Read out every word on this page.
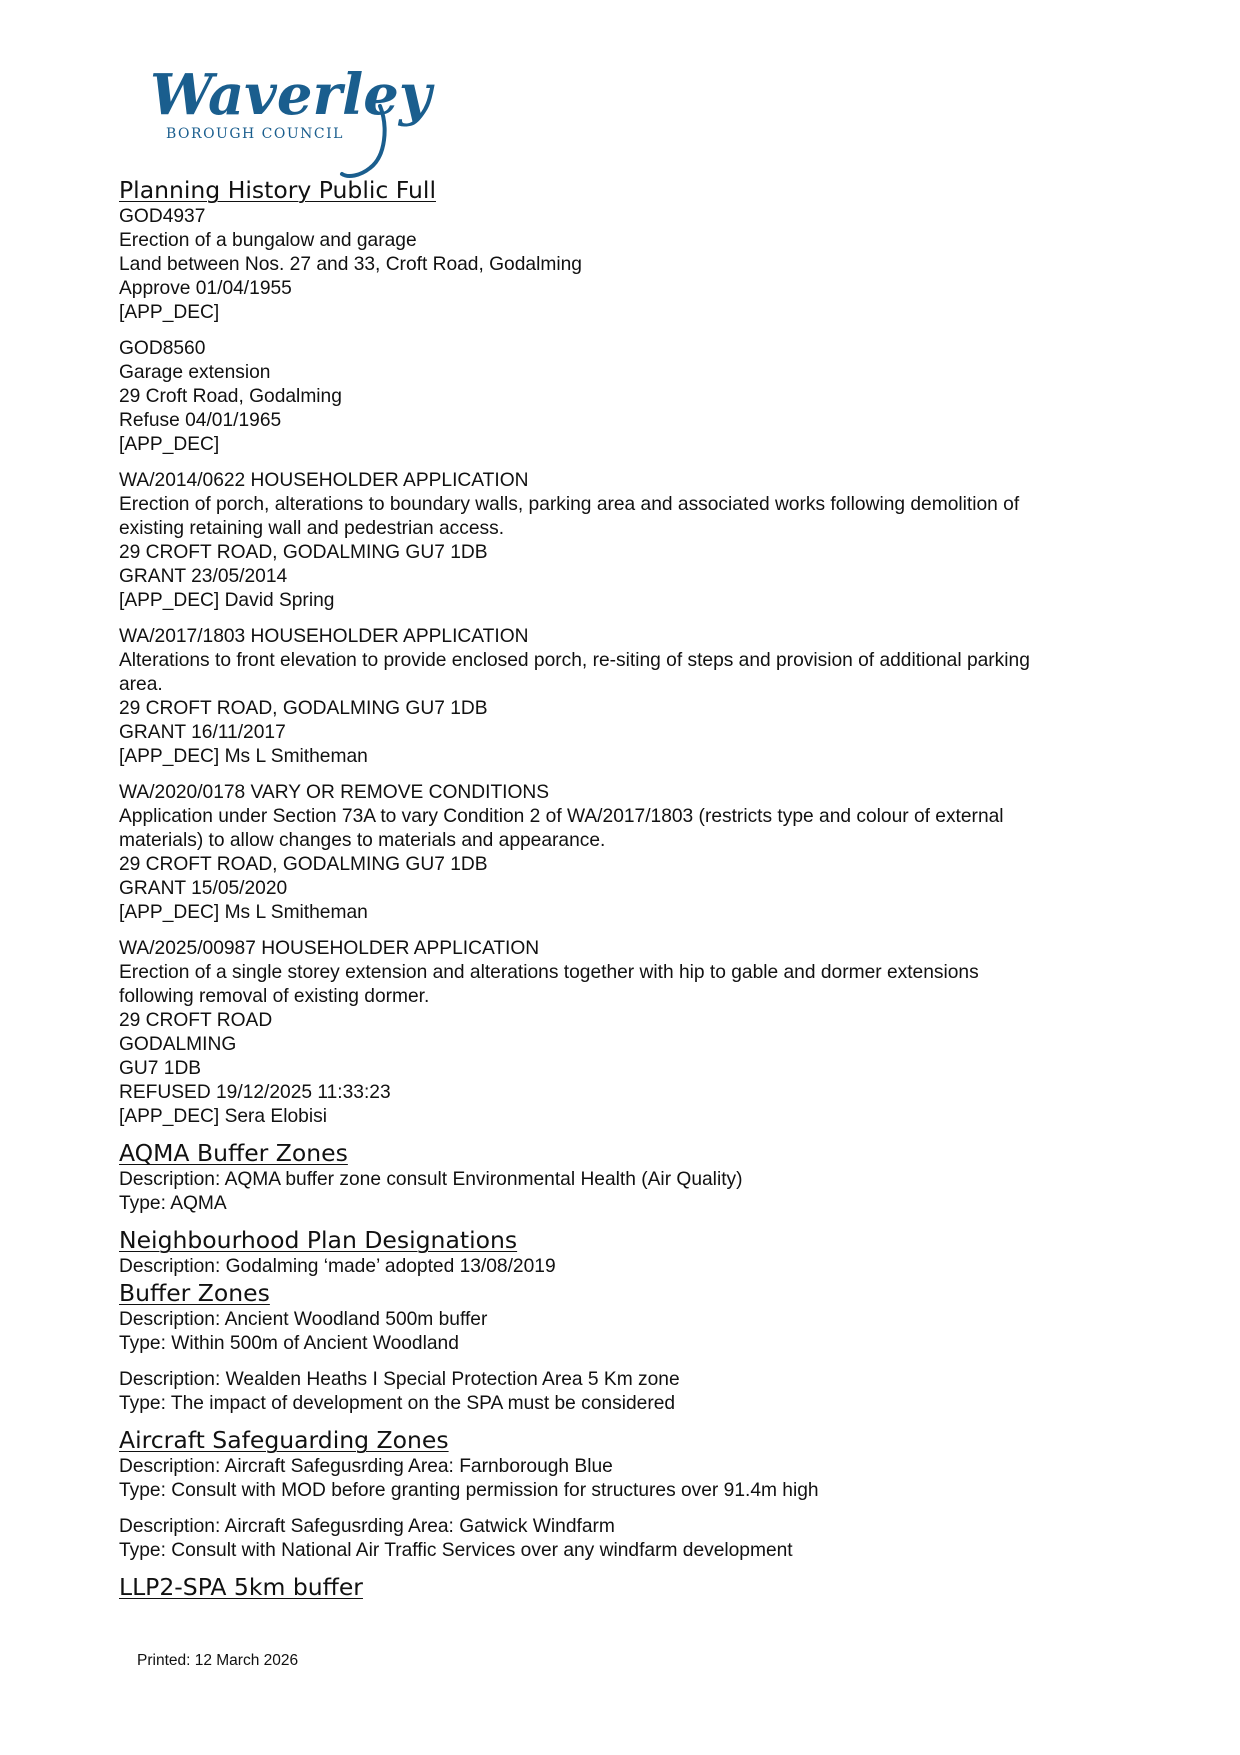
Waverley
BOROUGH COUNCIL
Planning History Public Full

GOD4937

Erection of a bungalow and garage

Land between Nos. 27 and 33, Croft Road, Godalming

Approve 01/04/1955

[APP_DEC]

GOD8560

Garage extension

29 Croft Road, Godalming

Refuse 04/01/1965

[APP_DEC]

WA/2014/0622 HOUSEHOLDER APPLICATION

Erection of porch, alterations to boundary walls, parking area and associated works following demolition of

existing retaining wall and pedestrian access.

29 CROFT ROAD, GODALMING GU7 1DB

GRANT 23/05/2014

[APP_DEC] David Spring

WA/2017/1803 HOUSEHOLDER APPLICATION

Alterations to front elevation to provide enclosed porch, re-siting of steps and provision of additional parking

area.

29 CROFT ROAD, GODALMING GU7 1DB

GRANT 16/11/2017

[APP_DEC] Ms L Smitheman

WA/2020/0178 VARY OR REMOVE CONDITIONS

Application under Section 73A to vary Condition 2 of WA/2017/1803 (restricts type and colour of external

materials) to allow changes to materials and appearance.

29 CROFT ROAD, GODALMING GU7 1DB

GRANT 15/05/2020

[APP_DEC] Ms L Smitheman

WA/2025/00987 HOUSEHOLDER APPLICATION

Erection of a single storey extension and alterations together with hip to gable and dormer extensions

following removal of existing dormer.

29 CROFT ROAD

GODALMING

GU7 1DB

REFUSED 19/12/2025 11:33:23

[APP_DEC] Sera Elobisi

AQMA Buffer Zones

Description: AQMA buffer zone consult Environmental Health (Air Quality)

Type: AQMA

Neighbourhood Plan Designations

Description: Godalming ‘made’ adopted 13/08/2019

Buffer Zones

Description: Ancient Woodland 500m buffer

Type: Within 500m of Ancient Woodland

Description: Wealden Heaths I Special Protection Area 5 Km zone

Type: The impact of development on the SPA must be considered

Aircraft Safeguarding Zones

Description: Aircraft Safegusrding Area: Farnborough Blue

Type: Consult with MOD before granting permission for structures over 91.4m high

Description: Aircraft Safegusrding Area: Gatwick Windfarm

Type: Consult with National Air Traffic Services over any windfarm development

LLP2-SPA 5km buffer
Printed: 12 March 2026
